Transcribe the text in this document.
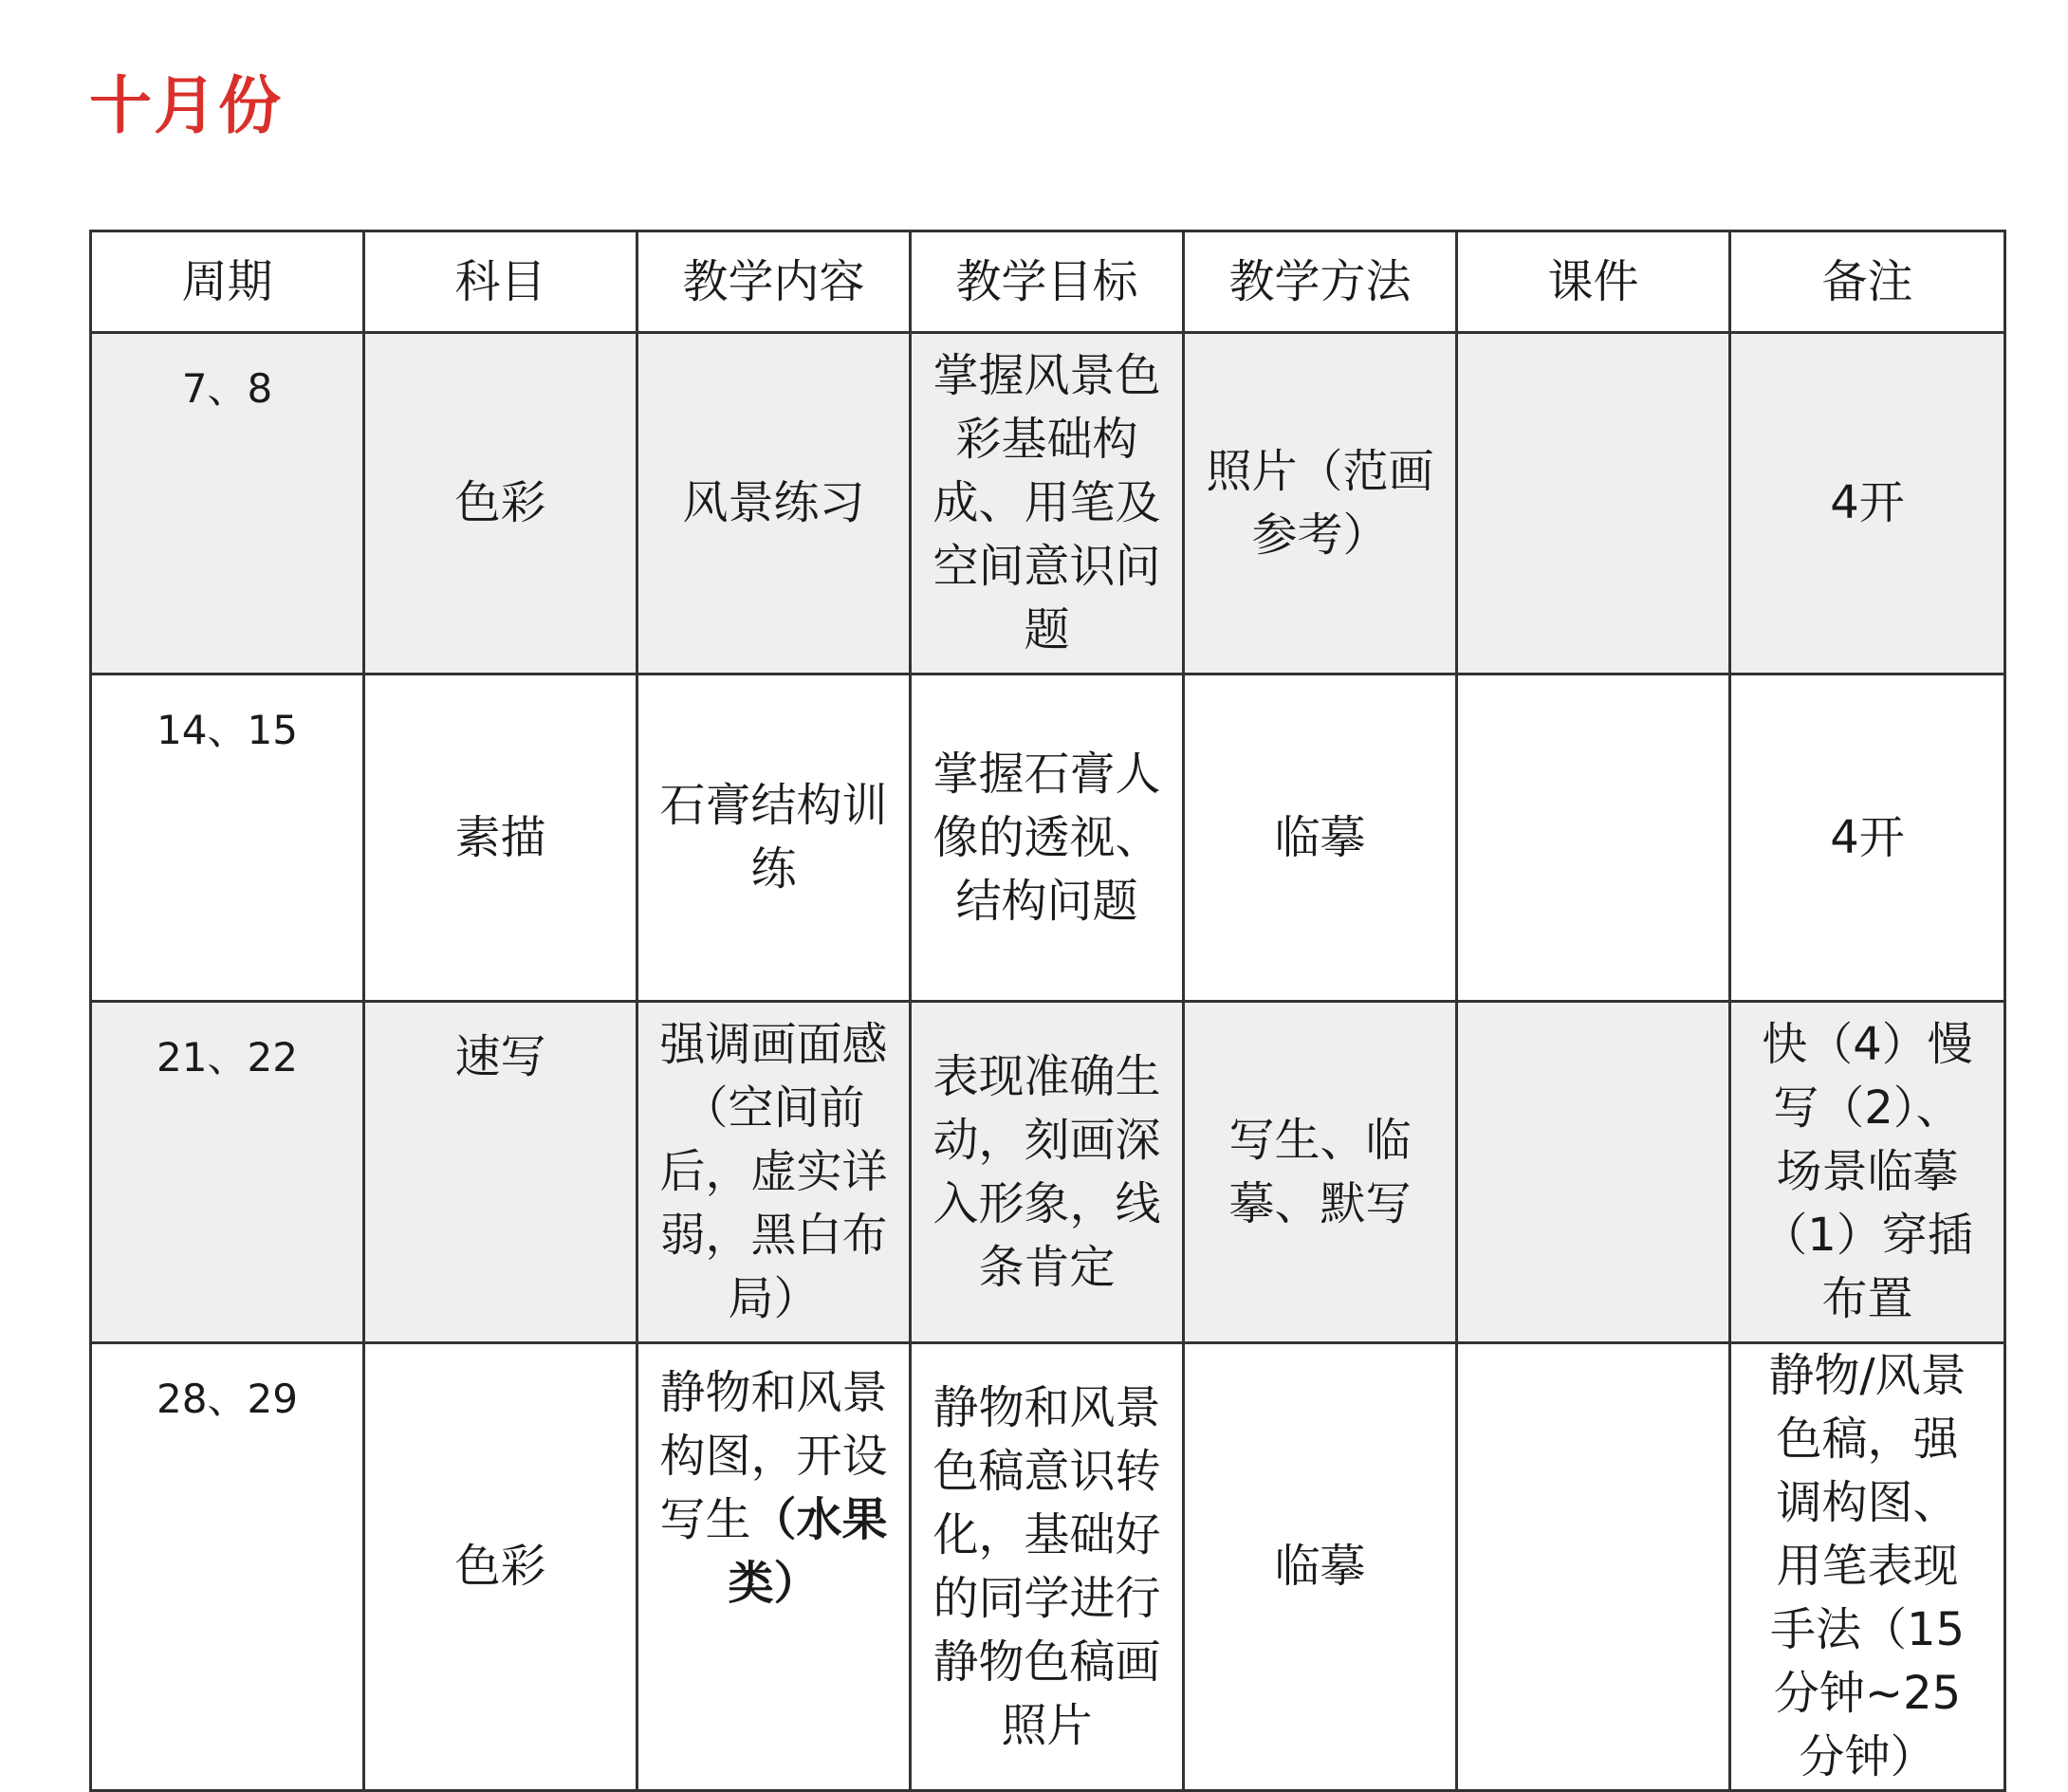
十月份
周期	科目	教学内容	教学目标	教学方法	课件	备注
7、8	色彩	风景练习	掌握风景色彩基础构成、用笔及空间意识问题	照片（范画参考）		4开
14、15	素描	石膏结构训练	掌握石膏人像的透视、结构问题	临摹		4开
21、22	速写	强调画面感（空间前后，虚实详弱，黑白布局）	表现准确生动，刻画深入形象，线条肯定	写生、临摹、默写		快（4）慢写（2）、场景临摹（1）穿插布置
28、29	色彩	静物和风景构图，开设写生（水果类）	静物和风景色稿意识转化，基础好的同学进行静物色稿画照片	临摹		静物/风景色稿，强调构图、用笔表现手法（15分钟~25分钟）
